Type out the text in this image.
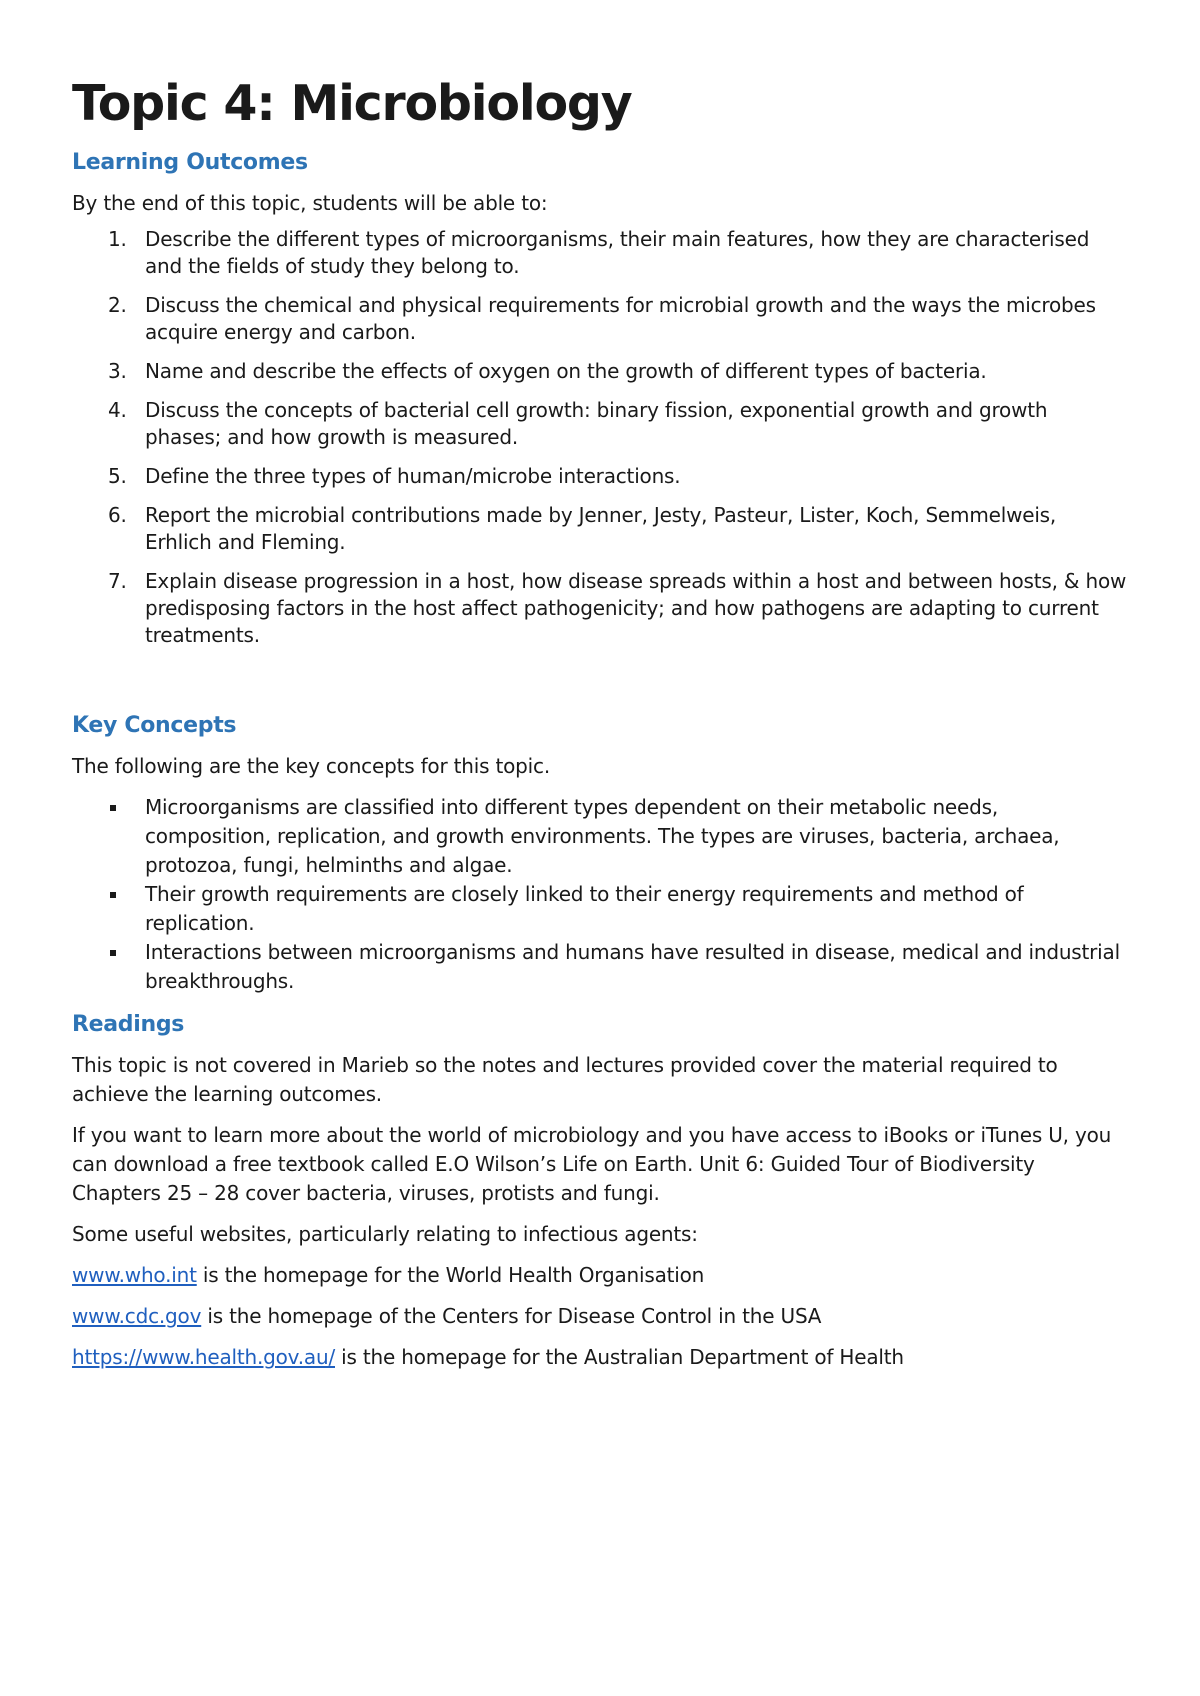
Topic 4: Microbiology
Learning Outcomes

By the end of this topic, students will be able to:

1. Describe the different types of microorganisms, their main features, how they are characterised and the fields of study they belong to.
2. Discuss the chemical and physical requirements for microbial growth and the ways the microbes acquire energy and carbon.
3. Name and describe the effects of oxygen on the growth of different types of bacteria.
4. Discuss the concepts of bacterial cell growth: binary fission, exponential growth and growth phases; and how growth is measured.
5. Define the three types of human/microbe interactions.
6. Report the microbial contributions made by Jenner, Jesty, Pasteur, Lister, Koch, Semmelweis, Erhlich and Fleming.
7. Explain disease progression in a host, how disease spreads within a host and between hosts, & how predisposing factors in the host affect pathogenicity; and how pathogens are adapting to current treatments.
Key Concepts

The following are the key concepts for this topic.

Microorganisms are classified into different types dependent on their metabolic needs, composition, replication, and growth environments. The types are viruses, bacteria, archaea, protozoa, fungi, helminths and algae.
Their growth requirements are closely linked to their energy requirements and method of replication.
Interactions between microorganisms and humans have resulted in disease, medical and industrial breakthroughs.
Readings

This topic is not covered in Marieb so the notes and lectures provided cover the material required to achieve the learning outcomes.

If you want to learn more about the world of microbiology and you have access to iBooks or iTunes U, you can download a free textbook called E.O Wilson’s Life on Earth. Unit 6: Guided Tour of Biodiversity Chapters 25 – 28 cover bacteria, viruses, protists and fungi.

Some useful websites, particularly relating to infectious agents:

www.who.int is the homepage for the World Health Organisation

www.cdc.gov is the homepage of the Centers for Disease Control in the USA

https://www.health.gov.au/ is the homepage for the Australian Department of Health
